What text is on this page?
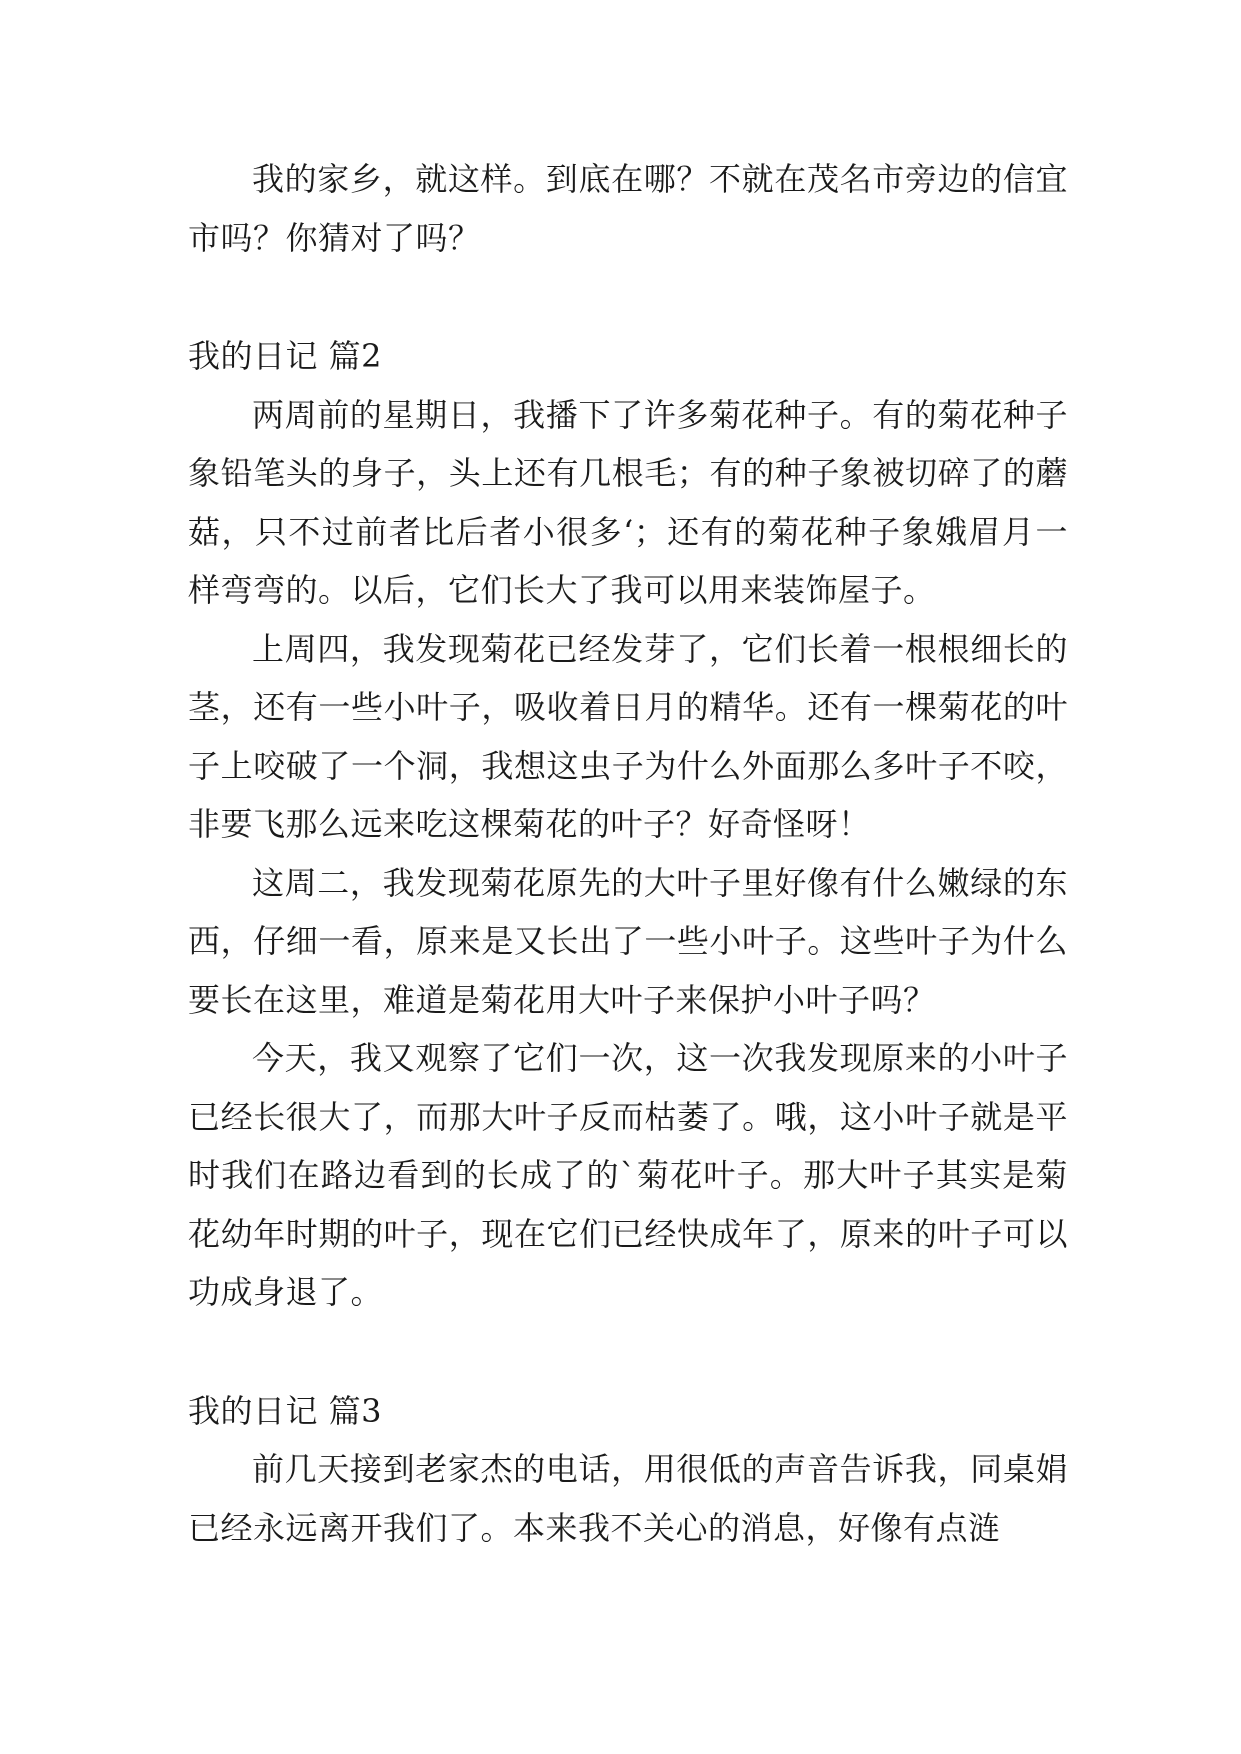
我的家乡，就这样。到底在哪？不就在茂名市旁边的信宜市吗？你猜对了吗？

我的日记 篇2

两周前的星期日，我播下了许多菊花种子。有的菊花种子象铅笔头的身子，头上还有几根毛；有的种子象被切碎了的蘑菇，只不过前者比后者小很多‘；还有的菊花种子象娥眉月一样弯弯的。以后，它们长大了我可以用来装饰屋子。

上周四，我发现菊花已经发芽了，它们长着一根根细长的茎，还有一些小叶子，吸收着日月的精华。还有一棵菊花的叶子上咬破了一个洞，我想这虫子为什么外面那么多叶子不咬，非要飞那么远来吃这棵菊花的叶子？好奇怪呀！

这周二，我发现菊花原先的大叶子里好像有什么嫩绿的东西，仔细一看，原来是又长出了一些小叶子。这些叶子为什么要长在这里，难道是菊花用大叶子来保护小叶子吗？

今天，我又观察了它们一次，这一次我发现原来的小叶子已经长很大了，而那大叶子反而枯萎了。哦，这小叶子就是平时我们在路边看到的长成了的`菊花叶子。那大叶子其实是菊花幼年时期的叶子，现在它们已经快成年了，原来的叶子可以功成身退了。

我的日记 篇3

前几天接到老家杰的电话，用很低的声音告诉我，同桌娟已经永远离开我们了。本来我不关心的消息，好像有点涟
